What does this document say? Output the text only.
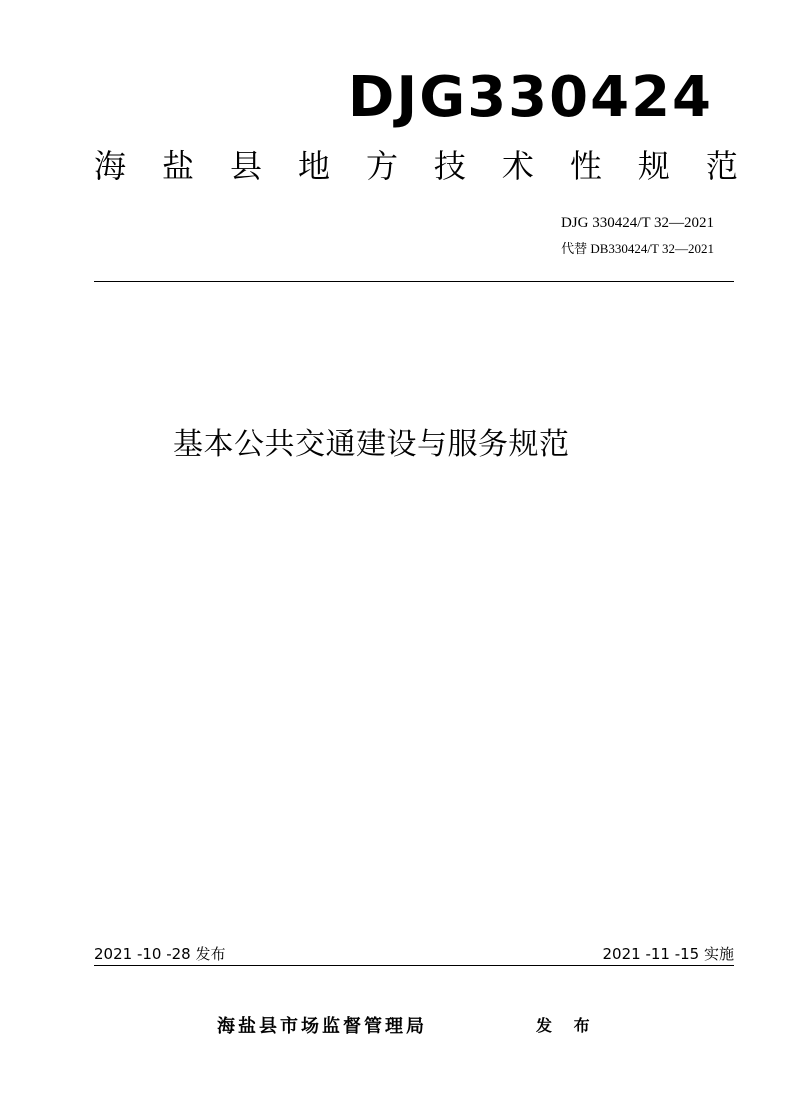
DJG330424
海 盐 县 地 方 技 术 性 规 范
DJG 330424/T 32—2021
代替 DB330424/T 32—2021
基本公共交通建设与服务规范
2021 -10 -28 发布	2021 -11 -15 实施
海盐县市场监督管理局	发 布
